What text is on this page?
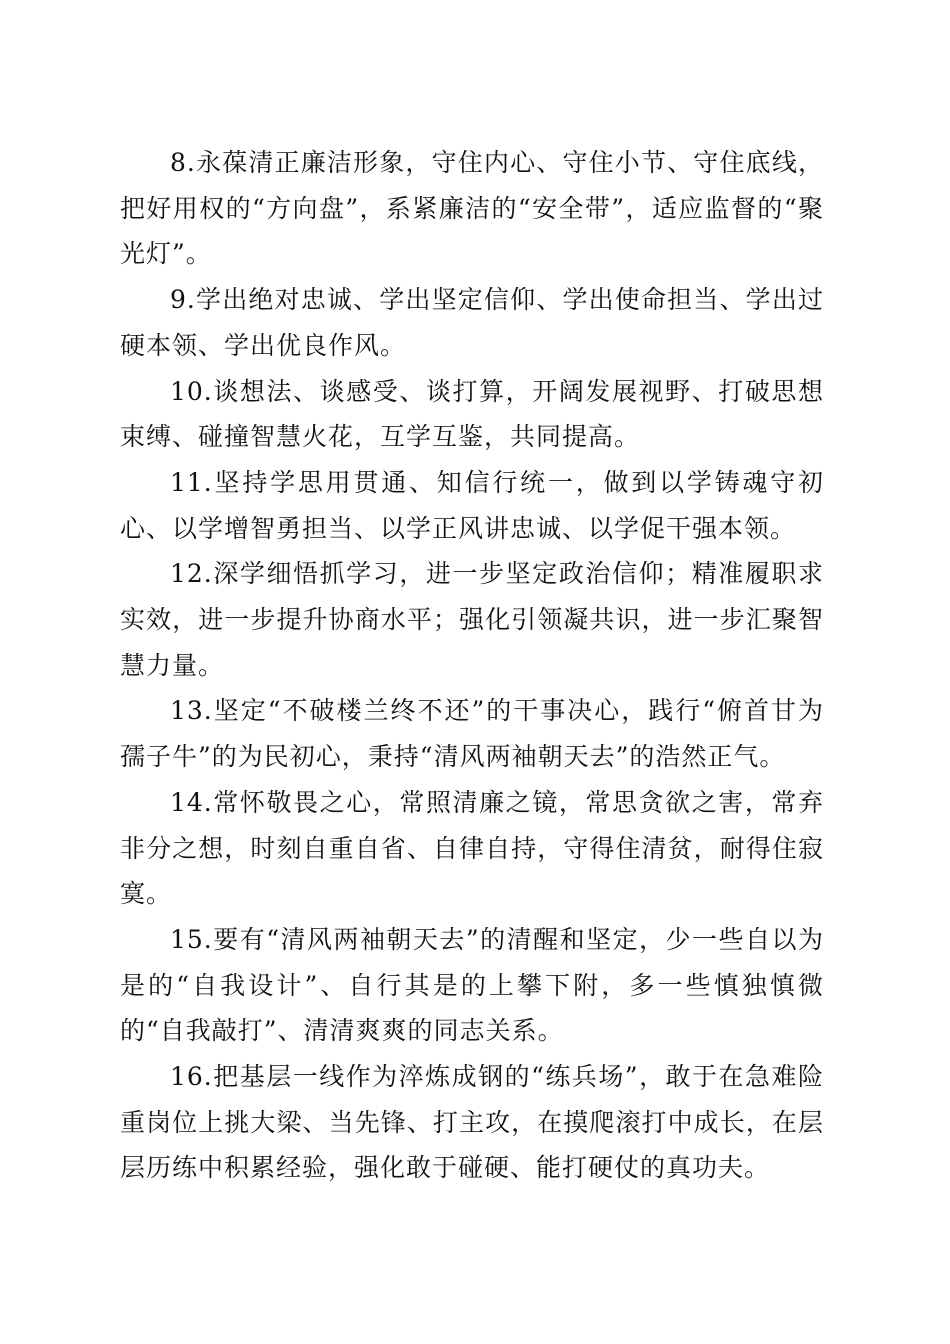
8.永葆清正廉洁形象，守住内心、守住小节、守住底线，把好用权的“方向盘”，系紧廉洁的“安全带”，适应监督的“聚光灯”。

9.学出绝对忠诚、学出坚定信仰、学出使命担当、学出过硬本领、学出优良作风。

10.谈想法、谈感受、谈打算，开阔发展视野、打破思想束缚、碰撞智慧火花，互学互鉴，共同提高。

11.坚持学思用贯通、知信行统一，做到以学铸魂守初心、以学增智勇担当、以学正风讲忠诚、以学促干强本领。

12.深学细悟抓学习，进一步坚定政治信仰；精准履职求实效，进一步提升协商水平；强化引领凝共识，进一步汇聚智慧力量。

13.坚定“不破楼兰终不还”的干事决心，践行“俯首甘为孺子牛”的为民初心，秉持“清风两袖朝天去”的浩然正气。

14.常怀敬畏之心，常照清廉之镜，常思贪欲之害，常弃非分之想，时刻自重自省、自律自持，守得住清贫，耐得住寂寞。

15.要有“清风两袖朝天去”的清醒和坚定，少一些自以为是的“自我设计”、自行其是的上攀下附，多一些慎独慎微的“自我敲打”、清清爽爽的同志关系。

16.把基层一线作为淬炼成钢的“练兵场”，敢于在急难险重岗位上挑大梁、当先锋、打主攻，在摸爬滚打中成长，在层层历练中积累经验，强化敢于碰硬、能打硬仗的真功夫。
